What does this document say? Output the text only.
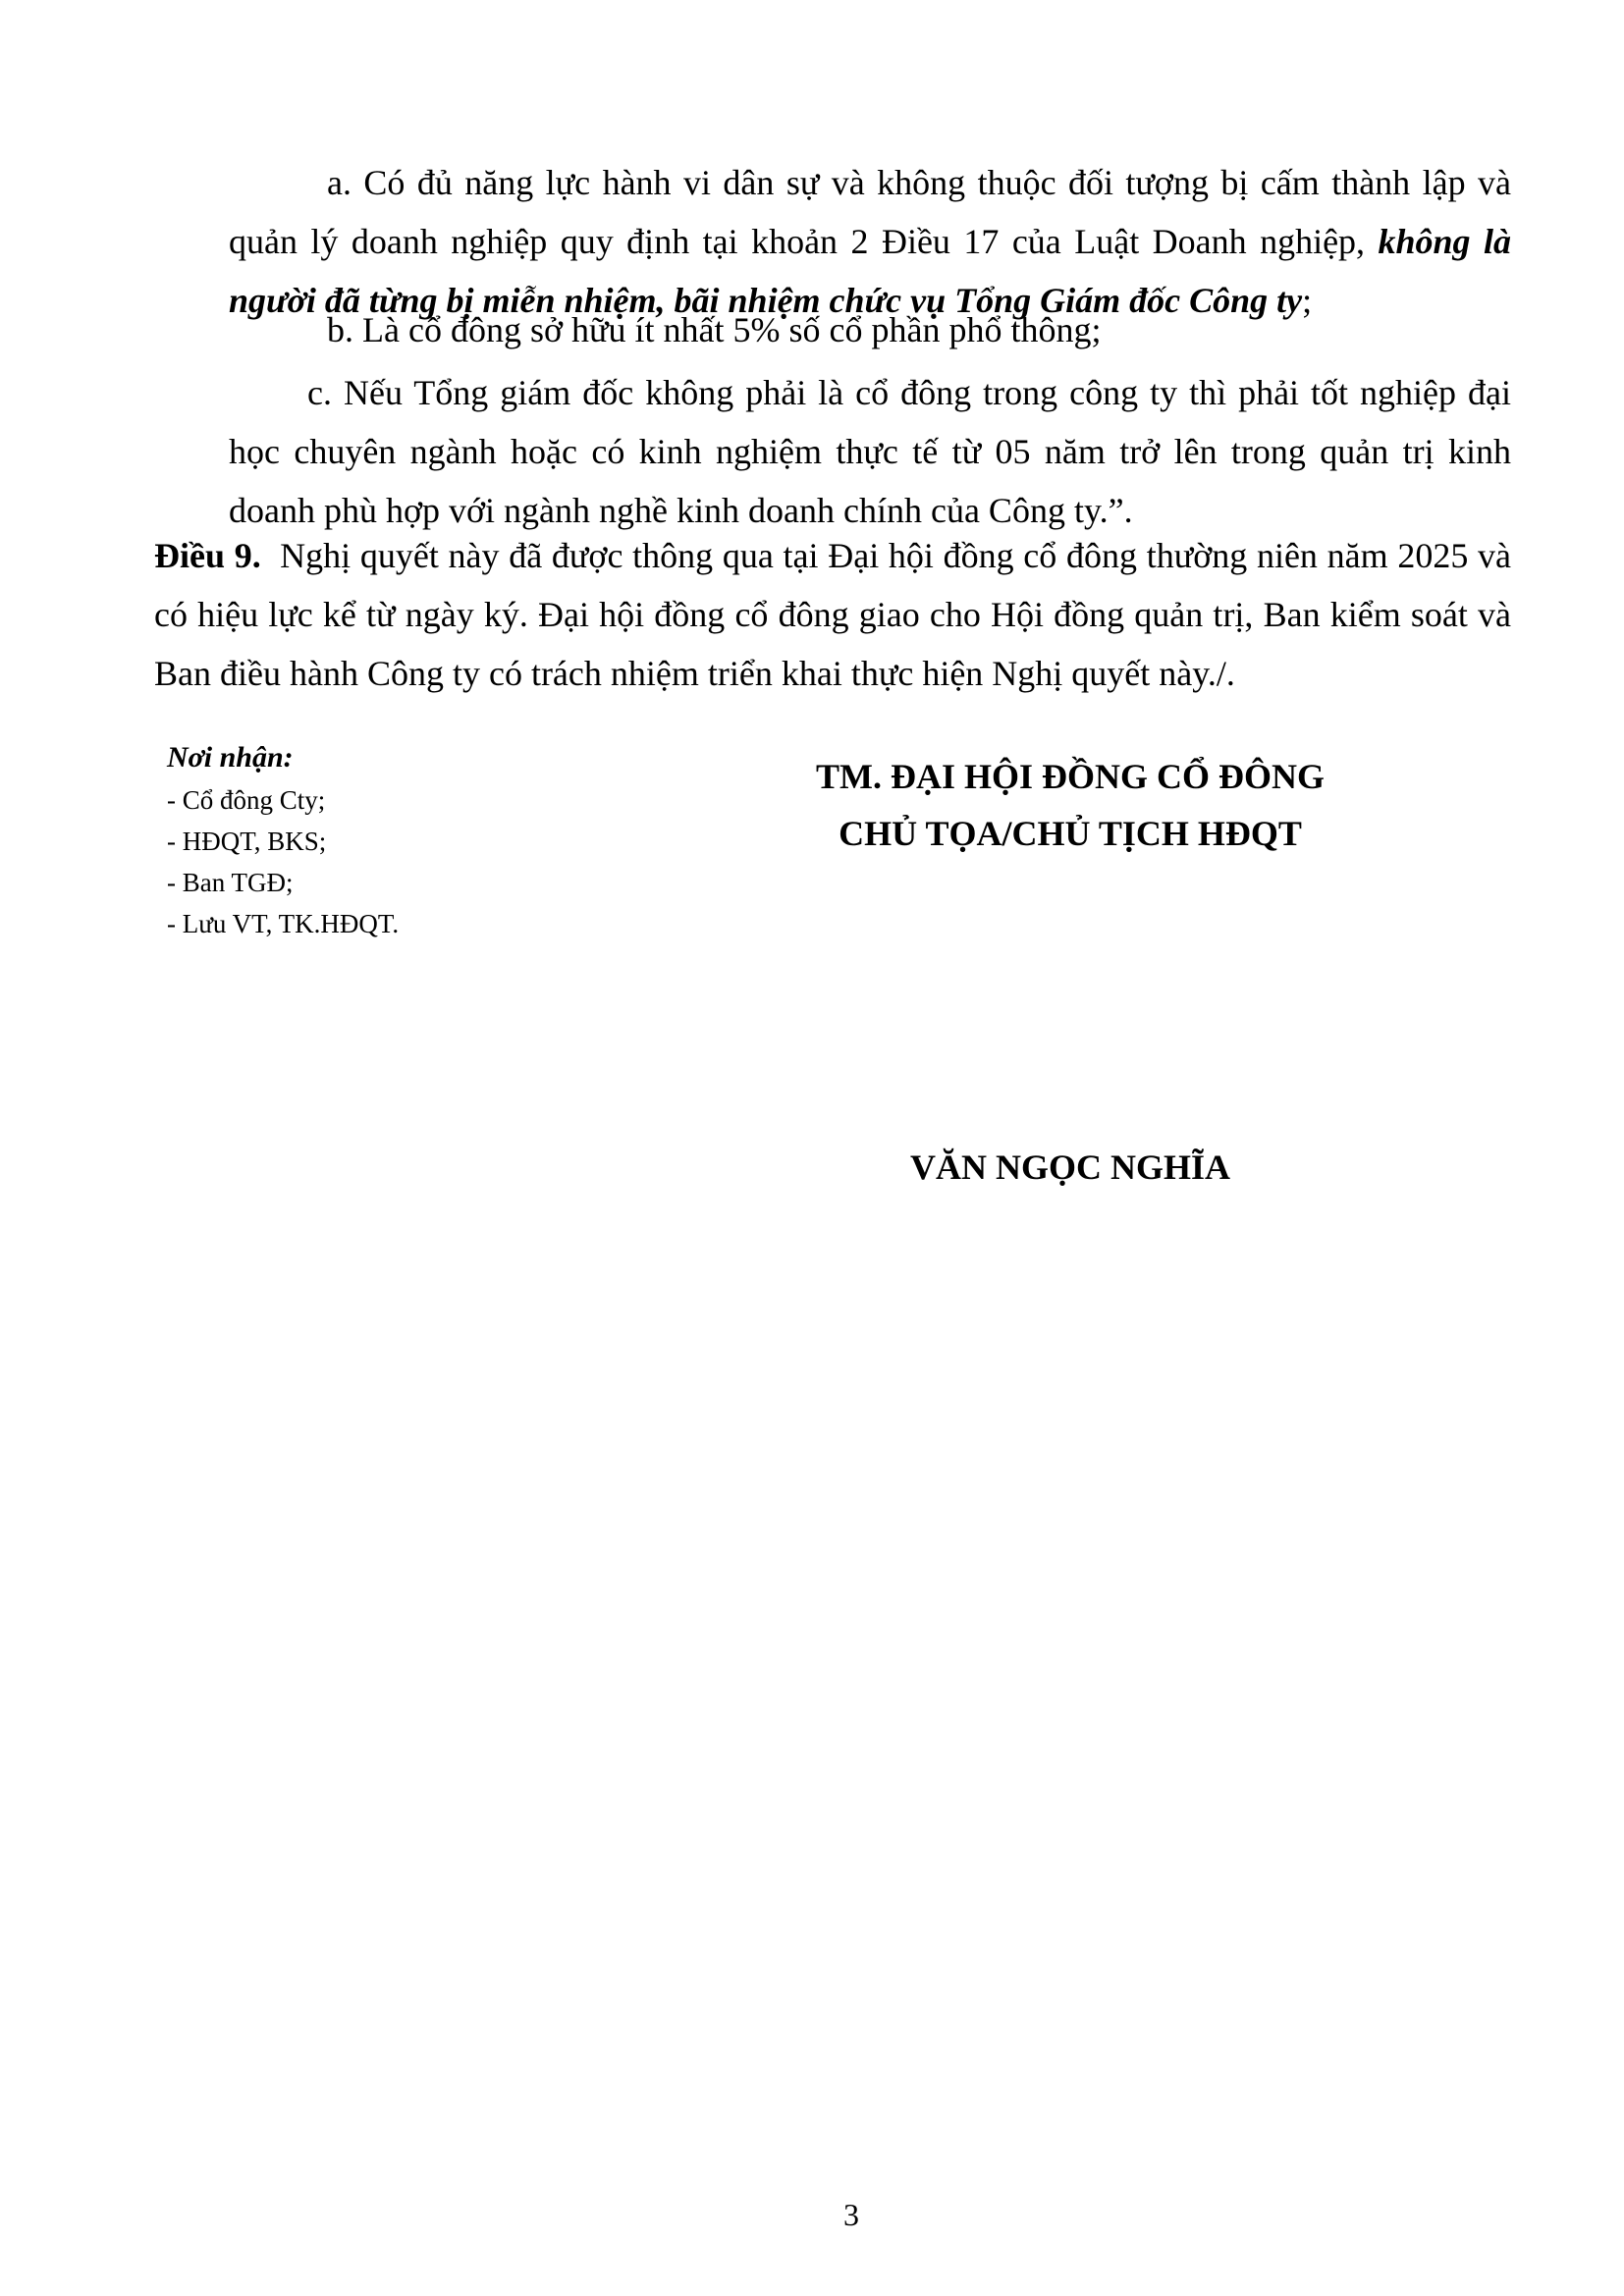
a. Có đủ năng lực hành vi dân sự và không thuộc đối tượng bị cấm thành lập và quản lý doanh nghiệp quy định tại khoản 2 Điều 17 của Luật Doanh nghiệp, không là người đã từng bị miễn nhiệm, bãi nhiệm chức vụ Tổng Giám đốc Công ty;

b. Là cổ đông sở hữu ít nhất 5% số cổ phần phổ thông;

c. Nếu Tổng giám đốc không phải là cổ đông trong công ty thì phải tốt nghiệp đại học chuyên ngành hoặc có kinh nghiệm thực tế từ 05 năm trở lên trong quản trị kinh doanh phù hợp với ngành nghề kinh doanh chính của Công ty.”.

Điều 9. Nghị quyết này đã được thông qua tại Đại hội đồng cổ đông thường niên năm 2025 và có hiệu lực kể từ ngày ký. Đại hội đồng cổ đông giao cho Hội đồng quản trị, Ban kiểm soát và Ban điều hành Công ty có trách nhiệm triển khai thực hiện Nghị quyết này./.

Nơi nhận:
- Cổ đông Cty;
- HĐQT, BKS;
- Ban TGĐ;
- Lưu VT, TK.HĐQT.
TM. ĐẠI HỘI ĐỒNG CỔ ĐÔNG
CHỦ TỌA/CHỦ TỊCH HĐQT
VĂN NGỌC NGHĨA
3
